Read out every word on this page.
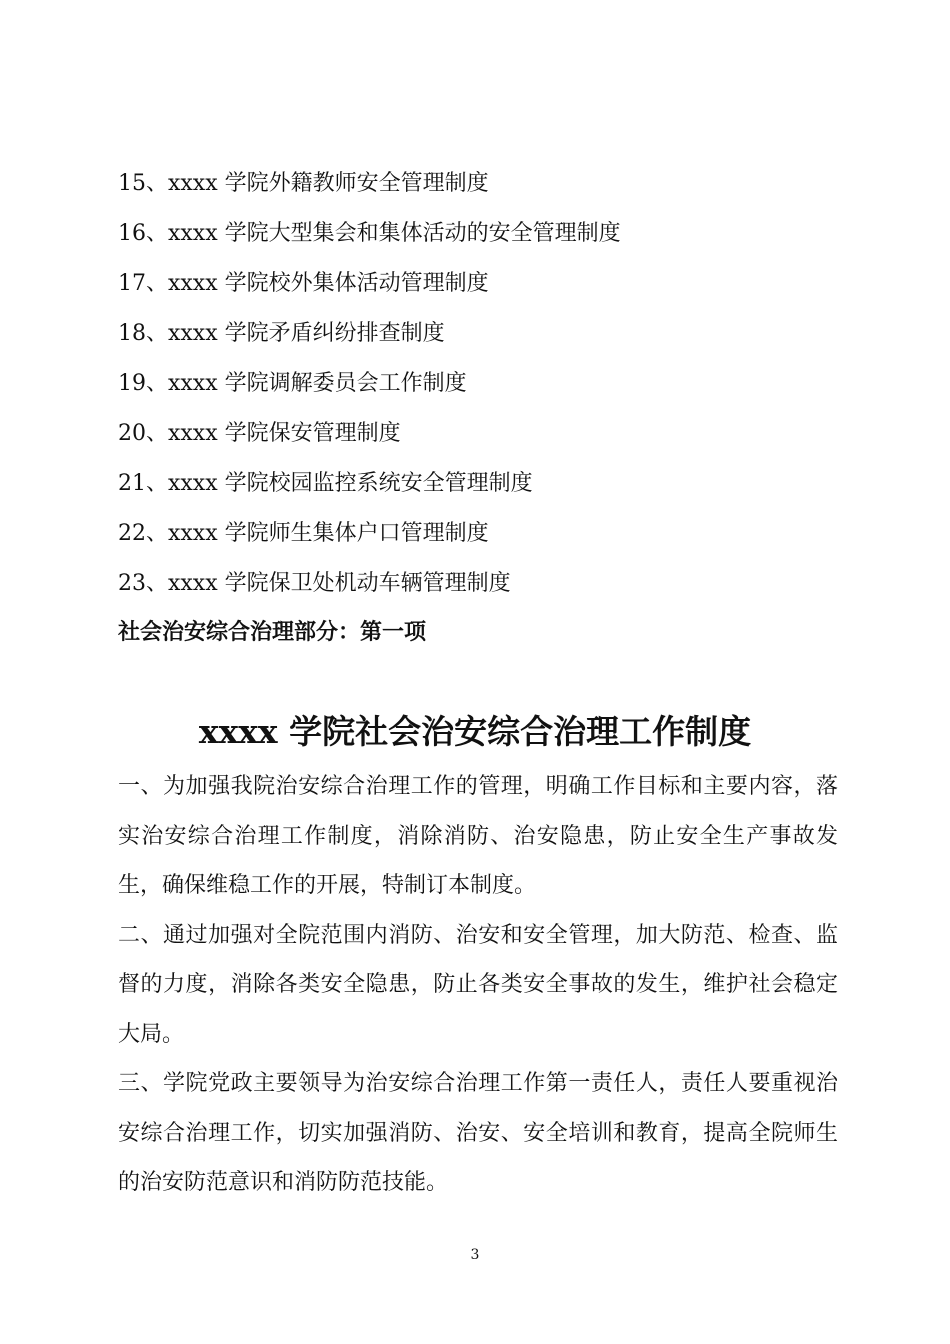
15、xxxx 学院外籍教师安全管理制度
16、xxxx 学院大型集会和集体活动的安全管理制度
17、xxxx 学院校外集体活动管理制度
18、xxxx 学院矛盾纠纷排查制度
19、xxxx 学院调解委员会工作制度
20、xxxx 学院保安管理制度
21、xxxx 学院校园监控系统安全管理制度
22、xxxx 学院师生集体户口管理制度
23、xxxx 学院保卫处机动车辆管理制度
社会治安综合治理部分：第一项
xxxx 学院社会治安综合治理工作制度
一、为加强我院治安综合治理工作的管理，明确工作目标和主要内容，落实治安综合治理工作制度，消除消防、治安隐患，防止安全生产事故发生，确保维稳工作的开展，特制订本制度。
二、通过加强对全院范围内消防、治安和安全管理，加大防范、检查、监督的力度，消除各类安全隐患，防止各类安全事故的发生，维护社会稳定大局。
三、学院党政主要领导为治安综合治理工作第一责任人，责任人要重视治安综合治理工作，切实加强消防、治安、安全培训和教育，提高全院师生的治安防范意识和消防防范技能。
3
